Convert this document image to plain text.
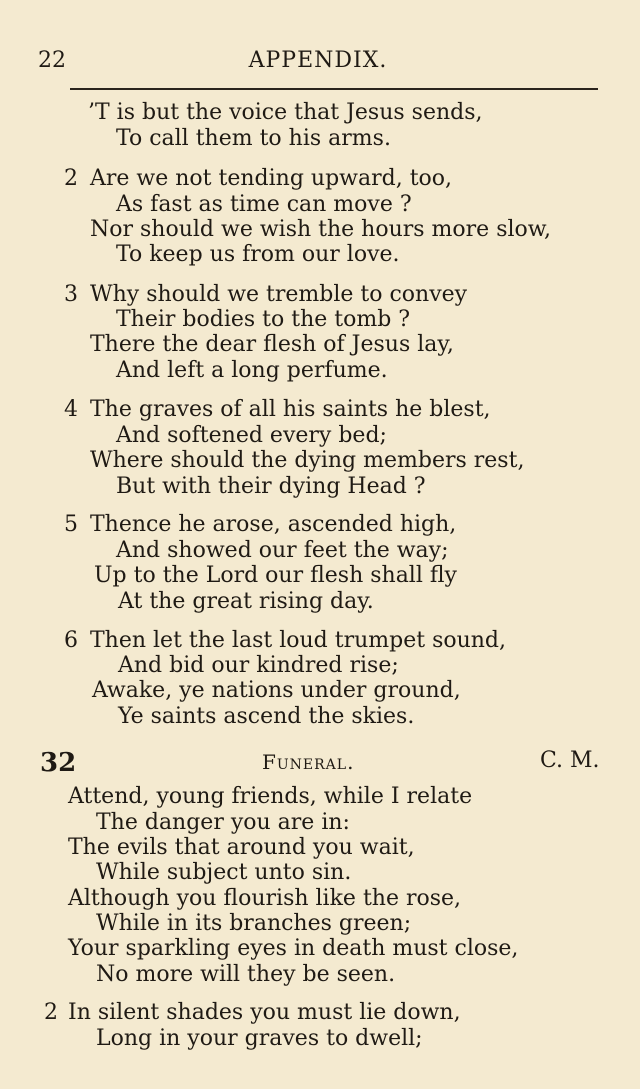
22	APPENDIX.
’T is but the voice that Jesus sends,
To call them to his arms.
2 Are we not tending upward, too,
As fast as time can move ?
Nor should we wish the hours more slow,
To keep us from our love.
3 Why should we tremble to convey
Their bodies to the tomb ?
There the dear flesh of Jesus lay,
And left a long perfume.
4 The graves of all his saints he blest,
And softened every bed;
Where should the dying members rest,
But with their dying Head ?
5 Thence he arose, ascended high,
And showed our feet the way;
Up to the Lord our flesh shall fly
At the great rising day.
6 Then let the last loud trumpet sound,
And bid our kindred rise;
Awake, ye nations under ground,
Ye saints ascend the skies.
32	Funeral.	C. M.
Attend, young friends, while I relate
The danger you are in:
The evils that around you wait,
While subject unto sin.
Although you flourish like the rose,
While in its branches green;
Your sparkling eyes in death must close,
No more will they be seen.
2 In silent shades you must lie down,
Long in your graves to dwell;
